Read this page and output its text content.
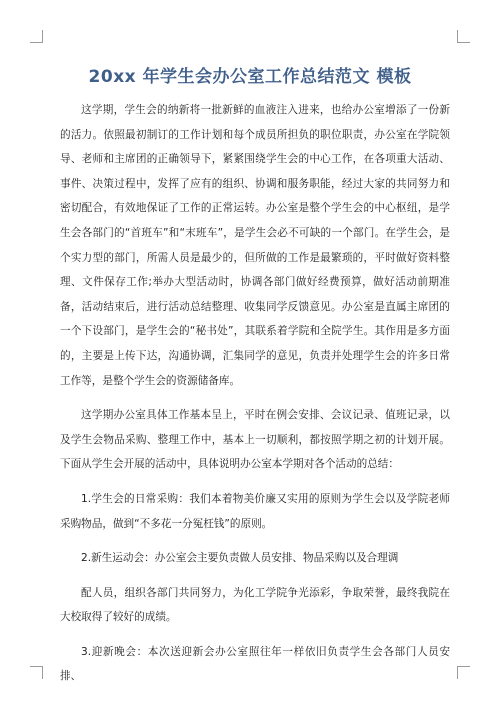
20xx 年学生会办公室工作总结范文 模板

这学期，学生会的纳新将一批新鲜的血液注入进来，也给办公室增添了一份新的活力。依照最初制订的工作计划和每个成员所担负的职位职责，办公室在学院领导、老师和主席团的正确领导下，紧紧围绕学生会的中心工作，在各项重大活动、事件、决策过程中，发挥了应有的组织、协调和服务职能，经过大家的共同努力和密切配合，有效地保证了工作的正常运转。办公室是整个学生会的中心枢纽，是学生会各部门的“首班车”和“末班车”，是学生会必不可缺的一个部门。在学生会，是个实力型的部门，所需人员是最少的，但所做的工作是最繁琐的，平时做好资料整理、文件保存工作;举办大型活动时，协调各部门做好经费预算，做好活动前期准备，活动结束后，进行活动总结整理、收集同学反馈意见。办公室是直属主席团的一个下设部门，是学生会的“秘书处”，其联系着学院和全院学生。其作用是多方面的，主要是上传下达，沟通协调，汇集同学的意见，负责并处理学生会的许多日常工作等，是整个学生会的资源储备库。

这学期办公室具体工作基本呈上，平时在例会安排、会议记录、值班记录，以及学生会物品采购、整理工作中，基本上一切顺利，都按照学期之初的计划开展。下面从学生会开展的活动中，具体说明办公室本学期对各个活动的总结：

1.学生会的日常采购：我们本着物美价廉又实用的原则为学生会以及学院老师采购物品，做到“不多花一分冤枉钱”的原则。

2.新生运动会：办公室会主要负责做人员安排、物品采购以及合理调

配人员，组织各部门共同努力，为化工学院争光添彩，争取荣誉，最终我院在大校取得了较好的成绩。

3.迎新晚会：本次送迎新会办公室照往年一样依旧负责学生会各部门人员安排、
